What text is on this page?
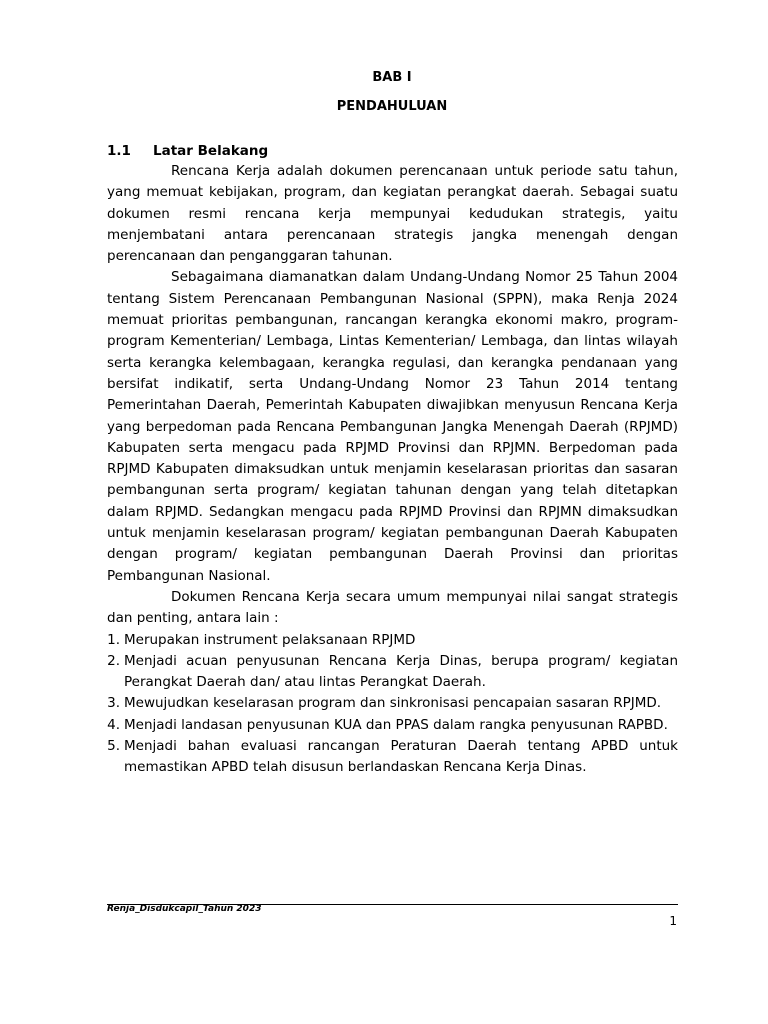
BAB I
PENDAHULUAN
1.1 Latar Belakang

Rencana Kerja adalah dokumen perencanaan untuk periode satu tahun, yang memuat kebijakan, program, dan kegiatan perangkat daerah. Sebagai suatu dokumen resmi rencana kerja mempunyai kedudukan strategis, yaitu menjembatani antara perencanaan strategis jangka menengah dengan perencanaan dan penganggaran tahunan.

Sebagaimana diamanatkan dalam Undang-Undang Nomor 25 Tahun 2004 tentang Sistem Perencanaan Pembangunan Nasional (SPPN), maka Renja 2024 memuat prioritas pembangunan, rancangan kerangka ekonomi makro, program-program Kementerian/ Lembaga, Lintas Kementerian/ Lembaga, dan lintas wilayah serta kerangka kelembagaan, kerangka regulasi, dan kerangka pendanaan yang bersifat indikatif, serta Undang-Undang Nomor 23 Tahun 2014 tentang Pemerintahan Daerah, Pemerintah Kabupaten diwajibkan menyusun Rencana Kerja yang berpedoman pada Rencana Pembangunan Jangka Menengah Daerah (RPJMD) Kabupaten serta mengacu pada RPJMD Provinsi dan RPJMN. Berpedoman pada RPJMD Kabupaten dimaksudkan untuk menjamin keselarasan prioritas dan sasaran pembangunan serta program/ kegiatan tahunan dengan yang telah ditetapkan dalam RPJMD. Sedangkan mengacu pada RPJMD Provinsi dan RPJMN dimaksudkan untuk menjamin keselarasan program/ kegiatan pembangunan Daerah Kabupaten dengan program/ kegiatan pembangunan Daerah Provinsi dan prioritas Pembangunan Nasional.

Dokumen Rencana Kerja secara umum mempunyai nilai sangat strategis dan penting, antara lain :

1. Merupakan instrument pelaksanaan RPJMD
2. Menjadi acuan penyusunan Rencana Kerja Dinas, berupa program/ kegiatan Perangkat Daerah dan/ atau lintas Perangkat Daerah.
3. Mewujudkan keselarasan program dan sinkronisasi pencapaian sasaran RPJMD.
4. Menjadi landasan penyusunan KUA dan PPAS dalam rangka penyusunan RAPBD.
5. Menjadi bahan evaluasi rancangan Peraturan Daerah tentang APBD untuk memastikan APBD telah disusun berlandaskan Rencana Kerja Dinas.
Renja_Disdukcapil_Tahun 2023
1
